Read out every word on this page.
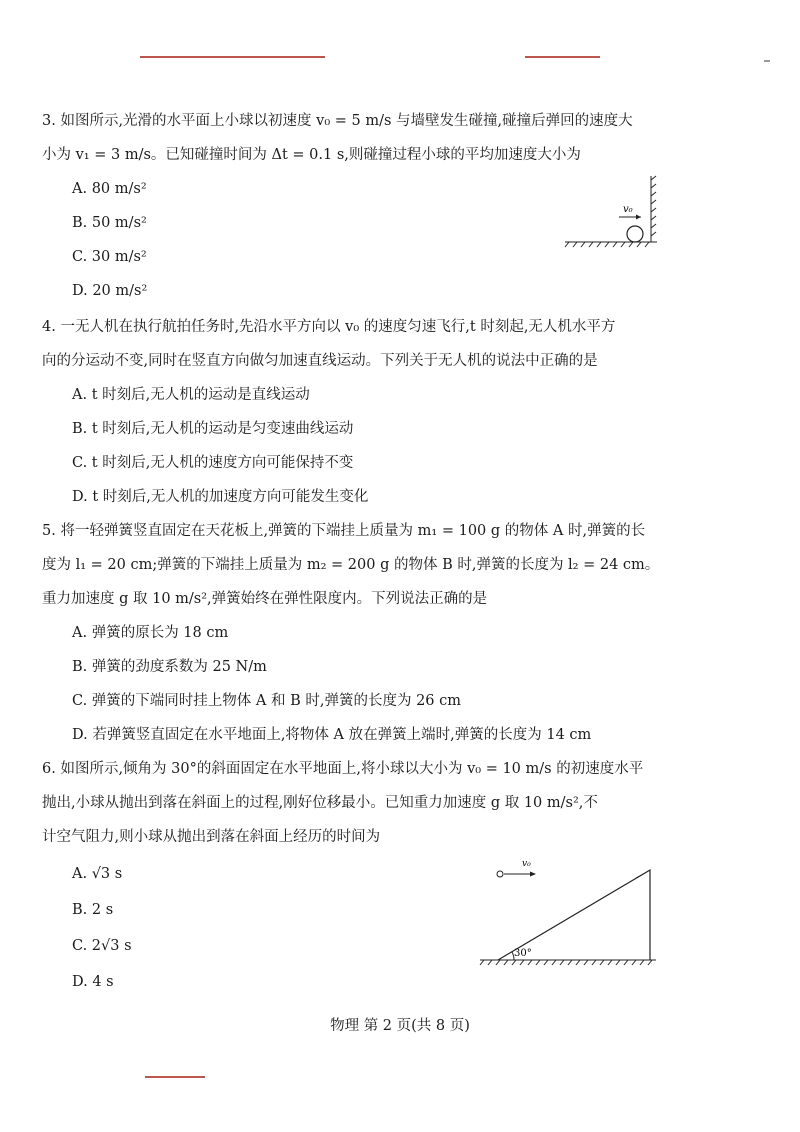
3. 如图所示,光滑的水平面上小球以初速度 v₀ = 5 m/s 与墙壁发生碰撞,碰撞后弹回的速度大
小为 v₁ = 3 m/s。已知碰撞时间为 Δt = 0.1 s,则碰撞过程小球的平均加速度大小为
A. 80 m/s²
B. 50 m/s²
C. 30 m/s²
D. 20 m/s²
v₀
4. 一无人机在执行航拍任务时,先沿水平方向以 v₀ 的速度匀速飞行,t 时刻起,无人机水平方
向的分运动不变,同时在竖直方向做匀加速直线运动。下列关于无人机的说法中正确的是
A. t 时刻后,无人机的运动是直线运动
B. t 时刻后,无人机的运动是匀变速曲线运动
C. t 时刻后,无人机的速度方向可能保持不变
D. t 时刻后,无人机的加速度方向可能发生变化
5. 将一轻弹簧竖直固定在天花板上,弹簧的下端挂上质量为 m₁ = 100 g 的物体 A 时,弹簧的长
度为 l₁ = 20 cm;弹簧的下端挂上质量为 m₂ = 200 g 的物体 B 时,弹簧的长度为 l₂ = 24 cm。
重力加速度 g 取 10 m/s²,弹簧始终在弹性限度内。下列说法正确的是
A. 弹簧的原长为 18 cm
B. 弹簧的劲度系数为 25 N/m
C. 弹簧的下端同时挂上物体 A 和 B 时,弹簧的长度为 26 cm
D. 若弹簧竖直固定在水平地面上,将物体 A 放在弹簧上端时,弹簧的长度为 14 cm
6. 如图所示,倾角为 30°的斜面固定在水平地面上,将小球以大小为 v₀ = 10 m/s 的初速度水平
抛出,小球从抛出到落在斜面上的过程,刚好位移最小。已知重力加速度 g 取 10 m/s²,不
计空气阻力,则小球从抛出到落在斜面上经历的时间为
A. √3 s
B. 2 s
C. 2√3 s
D. 4 s
30°
v₀
物理 第 2 页(共 8 页)
